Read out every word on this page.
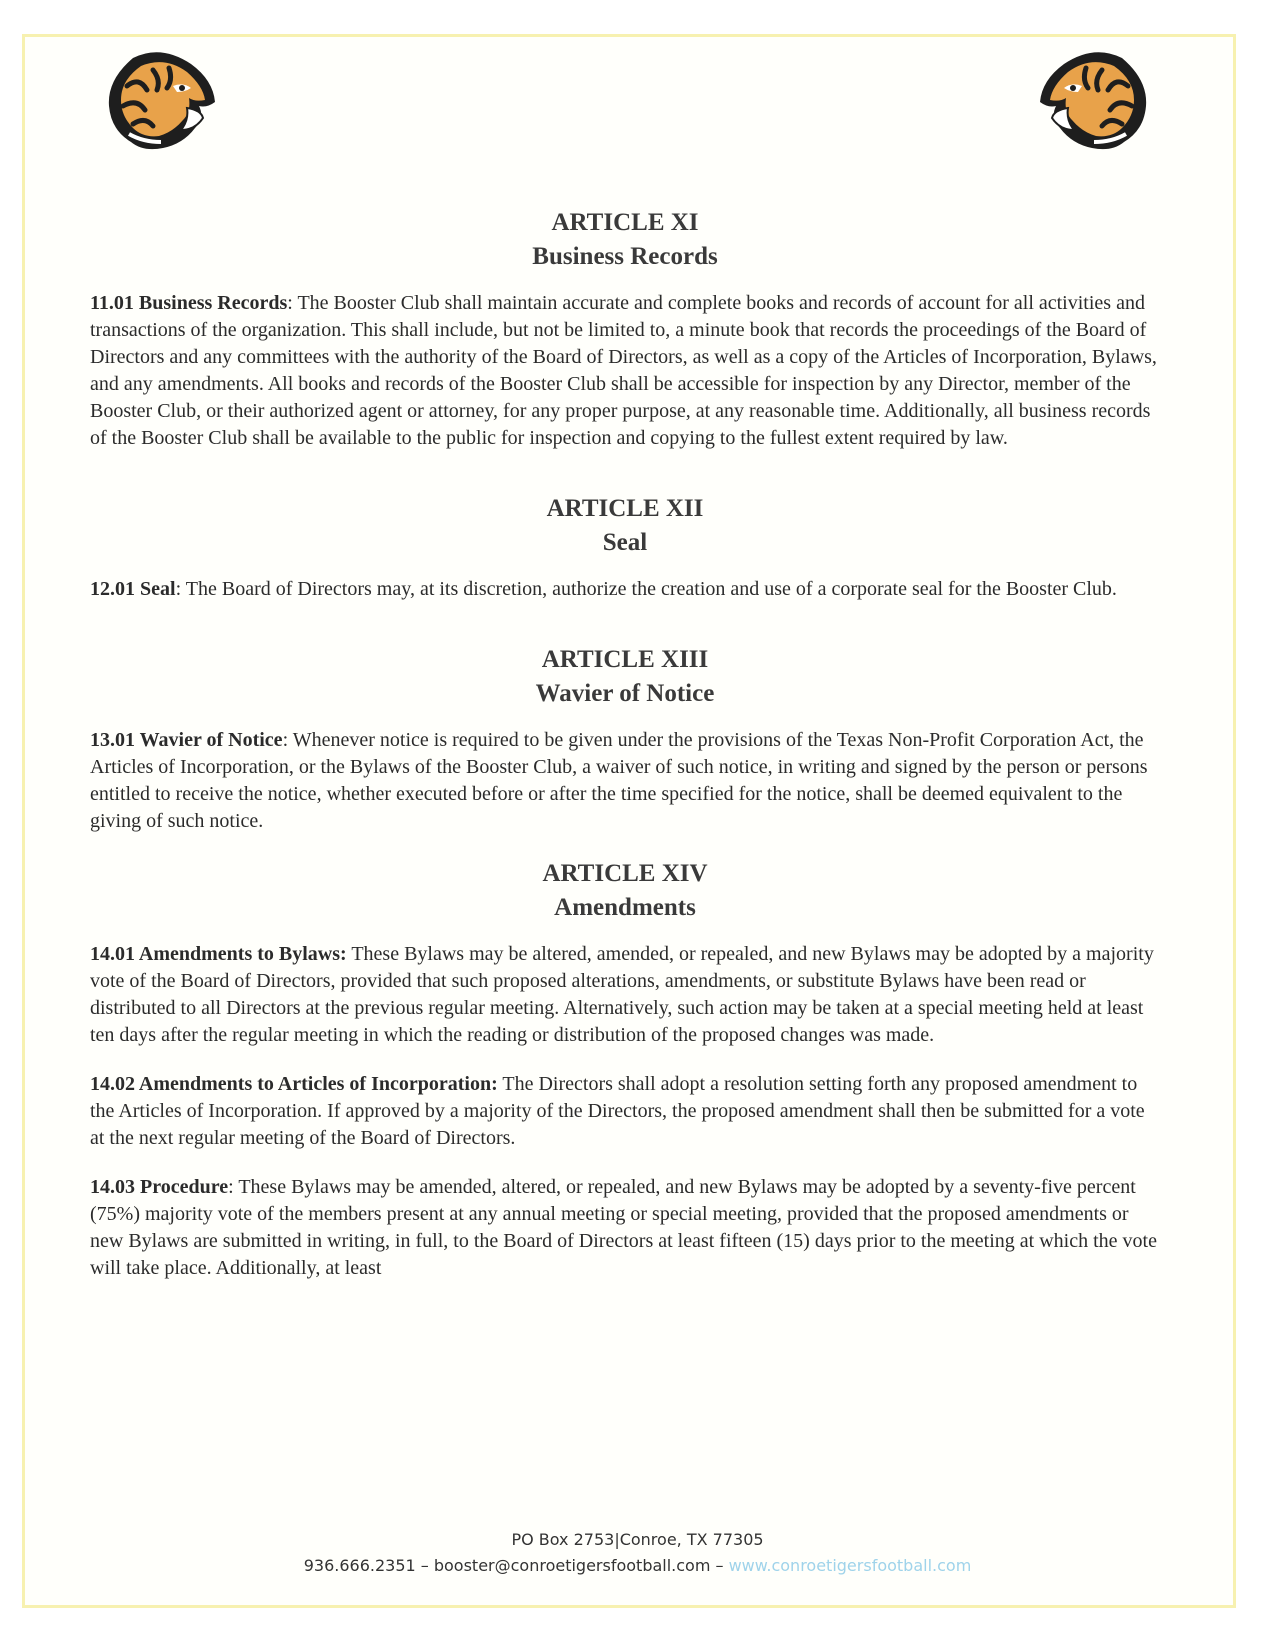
ARTICLE XI
Business Records

11.01 Business Records: The Booster Club shall maintain accurate and complete books and records of account for all activities and transactions of the organization. This shall include, but not be limited to, a minute book that records the proceedings of the Board of Directors and any committees with the authority of the Board of Directors, as well as a copy of the Articles of Incorporation, Bylaws, and any amendments. All books and records of the Booster Club shall be accessible for inspection by any Director, member of the Booster Club, or their authorized agent or attorney, for any proper purpose, at any reasonable time. Additionally, all business records of the Booster Club shall be available to the public for inspection and copying to the fullest extent required by law.

ARTICLE XII
Seal

12.01 Seal: The Board of Directors may, at its discretion, authorize the creation and use of a corporate seal for the Booster Club.

ARTICLE XIII
Wavier of Notice

13.01 Wavier of Notice: Whenever notice is required to be given under the provisions of the Texas Non-Profit Corporation Act, the Articles of Incorporation, or the Bylaws of the Booster Club, a waiver of such notice, in writing and signed by the person or persons entitled to receive the notice, whether executed before or after the time specified for the notice, shall be deemed equivalent to the giving of such notice.

ARTICLE XIV
Amendments

14.01 Amendments to Bylaws: These Bylaws may be altered, amended, or repealed, and new Bylaws may be adopted by a majority vote of the Board of Directors, provided that such proposed alterations, amendments, or substitute Bylaws have been read or distributed to all Directors at the previous regular meeting. Alternatively, such action may be taken at a special meeting held at least ten days after the regular meeting in which the reading or distribution of the proposed changes was made.

14.02 Amendments to Articles of Incorporation: The Directors shall adopt a resolution setting forth any proposed amendment to the Articles of Incorporation. If approved by a majority of the Directors, the proposed amendment shall then be submitted for a vote at the next regular meeting of the Board of Directors.

14.03 Procedure: These Bylaws may be amended, altered, or repealed, and new Bylaws may be adopted by a seventy-five percent (75%) majority vote of the members present at any annual meeting or special meeting, provided that the proposed amendments or new Bylaws are submitted in writing, in full, to the Board of Directors at least fifteen (15) days prior to the meeting at which the vote will take place. Additionally, at least

PO Box 2753|Conroe, TX 77305
936.666.2351 – booster@conroetigersfootball.com – www.conroetigersfootball.com
